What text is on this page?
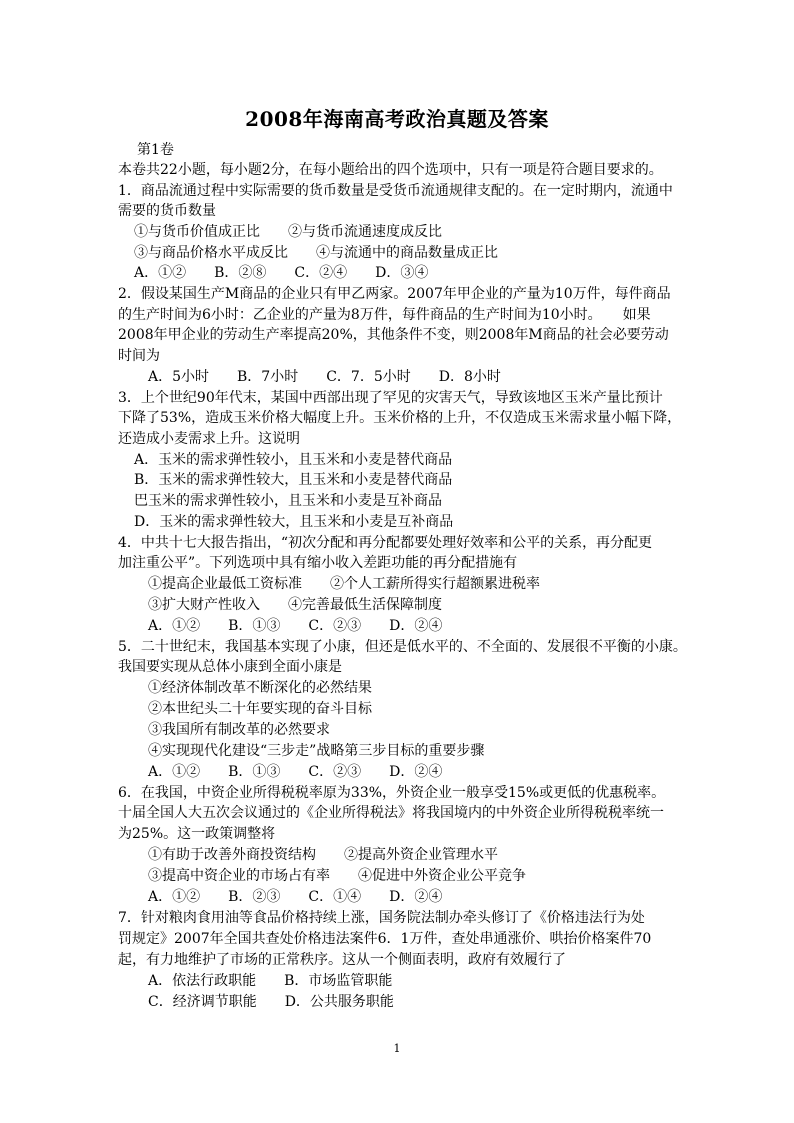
2008年海南高考政治真题及答案
第1卷
本卷共22小题，每小题2分，在每小题给出的四个选项中，只有一项是符合题目要求的。
1．商品流通过程中实际需要的货币数量是受货币流通规律支配的。在一定时期内，流通中
需要的货币数量
①与货币价值成正比　　②与货币流通速度成反比
③与商品价格水平成反比　　④与流通中的商品数量成正比
A．①②　　B．②⑧　　C．②④　　D．③④
2．假设某国生产M商品的企业只有甲乙两家。2007年甲企业的产量为10万件，每件商品
的生产时间为6小时：乙企业的产量为8万件，每件商品的生产时间为10小时。　　如果
2008年甲企业的劳动生产率提高20%，其他条件不变，则2008年M商品的社会必要劳动
时间为
A．5小时　　B．7小时　　C．7．5小时　　D．8小时
3．上个世纪90年代末，某国中西部出现了罕见的灾害天气，导致该地区玉米产量比预计
下降了53%，造成玉米价格大幅度上升。玉米价格的上升，不仅造成玉米需求量小幅下降，
还造成小麦需求上升。这说明
A．玉米的需求弹性较小，且玉米和小麦是替代商品
B．玉米的需求弹性较大，且玉米和小麦是替代商品
巴玉米的需求弹性较小，且玉米和小麦是互补商品
D．玉米的需求弹性较大，且玉米和小麦是互补商品
4．中共十七大报告指出，“初次分配和再分配都要处理好效率和公平的关系，再分配更
加注重公平”。下列选项中具有缩小收入差距功能的再分配措施有
①提高企业最低工资标准　　②个人工薪所得实行超额累进税率
③扩大财产性收入　　④完善最低生活保障制度
A．①②　　B．①③　　C．②③　　D．②④
5．二十世纪末，我国基本实现了小康，但还是低水平的、不全面的、发展很不平衡的小康。
我国要实现从总体小康到全面小康是
①经济体制改革不断深化的必然结果
②本世纪头二十年要实现的奋斗目标
③我国所有制改革的必然要求
④实现现代化建设“三步走”战略第三步目标的重要步骤
A．①②　　B．①③　　C．②③　　D．②④
6．在我国，中资企业所得税税率原为33%，外资企业一般享受15%或更低的优惠税率。
十届全国人大五次会议通过的《企业所得税法》将我国境内的中外资企业所得税税率统一
为25%。这一政策调整将
①有助于改善外商投资结构　　②提高外资企业管理水平
③提高中资企业的市场占有率　　④促进中外资企业公平竞争
A．①②　　B．②③　　C．①④　　D．②④
7．针对粮肉食用油等食品价格持续上涨，国务院法制办牵头修订了《价格违法行为处
罚规定》2007年全国共查处价格违法案件6．1万件，查处串通涨价、哄抬价格案件70
起，有力地维护了市场的正常秩序。这从一个侧面表明，政府有效履行了
A．依法行政职能　　B．市场监管职能
C．经济调节职能　　D．公共服务职能
1
